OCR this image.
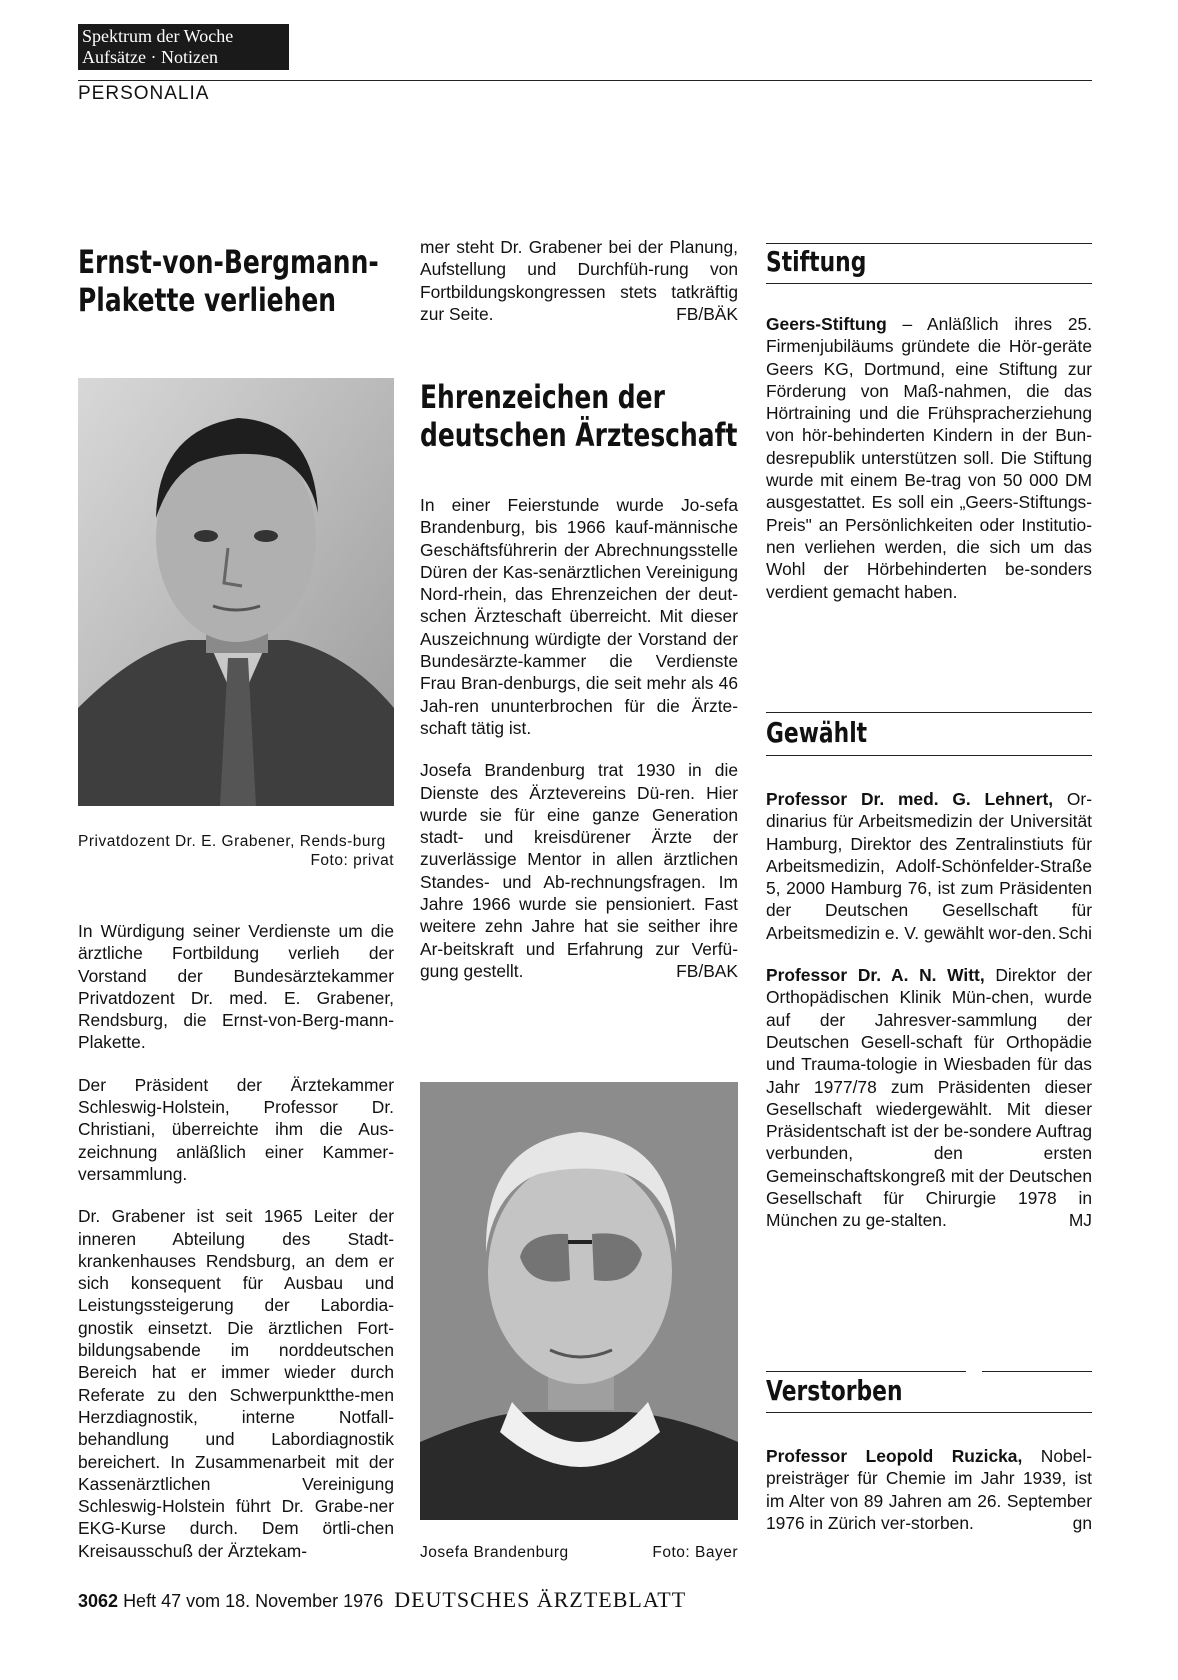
Spektrum der Woche
Aufsätze · Notizen
PERSONALIA
Ernst-von-Bergmann-
Plakette verliehen
Privatdozent Dr. E. Grabener, Rends-burg
Foto: privat

In Würdigung seiner Verdienste um die ärztliche Fortbildung verlieh der Vorstand der Bundesärztekammer Privatdozent Dr. med. E. Grabener, Rendsburg, die Ernst-von-Berg-mann-Plakette.

Der Präsident der Ärztekammer Schleswig-Holstein, Professor Dr. Christiani, überreichte ihm die Aus-zeichnung anläßlich einer Kammer-versammlung.

Dr. Grabener ist seit 1965 Leiter der inneren Abteilung des Stadt-krankenhauses Rendsburg, an dem er sich konsequent für Ausbau und Leistungssteigerung der Labordia-gnostik einsetzt. Die ärztlichen Fort-bildungsabende im norddeutschen Bereich hat er immer wieder durch Referate zu den Schwerpunktthe-men Herzdiagnostik, interne Notfall-behandlung und Labordiagnostik bereichert. In Zusammenarbeit mit der Kassenärztlichen Vereinigung Schleswig-Holstein führt Dr. Grabe-ner EKG-Kurse durch. Dem örtli-chen Kreisausschuß der Ärztekam-

mer steht Dr. Grabener bei der Planung, Aufstellung und Durchfüh-rung von Fortbildungskongressen stets tatkräftig zur Seite.	FB/BÄK

Ehrenzeichen der
deutschen Ärzteschaft

In einer Feierstunde wurde Jo-sefa Brandenburg, bis 1966 kauf-männische Geschäftsführerin der Abrechnungsstelle Düren der Kas-senärztlichen Vereinigung Nord-rhein, das Ehrenzeichen der deut-schen Ärzteschaft überreicht. Mit dieser Auszeichnung würdigte der Vorstand der Bundesärzte-kammer die Verdienste Frau Bran-denburgs, die seit mehr als 46 Jah-ren ununterbrochen für die Ärzte-schaft tätig ist.

Josefa Brandenburg trat 1930 in die Dienste des Ärztevereins Dü-ren. Hier wurde sie für eine ganze Generation stadt- und kreisdürener Ärzte der zuverlässige Mentor in allen ärztlichen Standes- und Ab-rechnungsfragen. Im Jahre 1966 wurde sie pensioniert. Fast weitere zehn Jahre hat sie seither ihre Ar-beitskraft und Erfahrung zur Verfü-gung gestellt.	FB/BAK

Josefa Brandenburg	Foto: Bayer
Stiftung

Geers-Stiftung – Anläßlich ihres 25. Firmenjubiläums gründete die Hör-geräte Geers KG, Dortmund, eine Stiftung zur Förderung von Maß-nahmen, die das Hörtraining und die Frühspracherziehung von hör-behinderten Kindern in der Bun-desrepublik unterstützen soll. Die Stiftung wurde mit einem Be-trag von 50 000 DM ausgestattet. Es soll ein „Geers-Stiftungs-Preis" an Persönlichkeiten oder Institutio-nen verliehen werden, die sich um das Wohl der Hörbehinderten be-sonders verdient gemacht haben.

Gewählt

Professor Dr. med. G. Lehnert, Or-dinarius für Arbeitsmedizin der Universität Hamburg, Direktor des Zentralinstiuts für Arbeitsmedizin, Adolf-Schönfelder-Straße 5, 2000 Hamburg 76, ist zum Präsidenten der Deutschen Gesellschaft für Arbeitsmedizin e. V. gewählt wor-den. Schi

Professor Dr. A. N. Witt, Direktor der Orthopädischen Klinik Mün-chen, wurde auf der Jahresver-sammlung der Deutschen Gesell-schaft für Orthopädie und Trauma-tologie in Wiesbaden für das Jahr 1977/78 zum Präsidenten dieser Gesellschaft wiedergewählt. Mit dieser Präsidentschaft ist der be-sondere Auftrag verbunden, den ersten Gemeinschaftskongreß mit der Deutschen Gesellschaft für Chirurgie 1978 in München zu ge-stalten.	MJ

Verstorben

Professor Leopold Ruzicka, Nobel-preisträger für Chemie im Jahr 1939, ist im Alter von 89 Jahren am 26. September 1976 in Zürich ver-storben.	gn

3062 Heft 47 vom 18. November 1976 DEUTSCHES ÄRZTEBLATT
